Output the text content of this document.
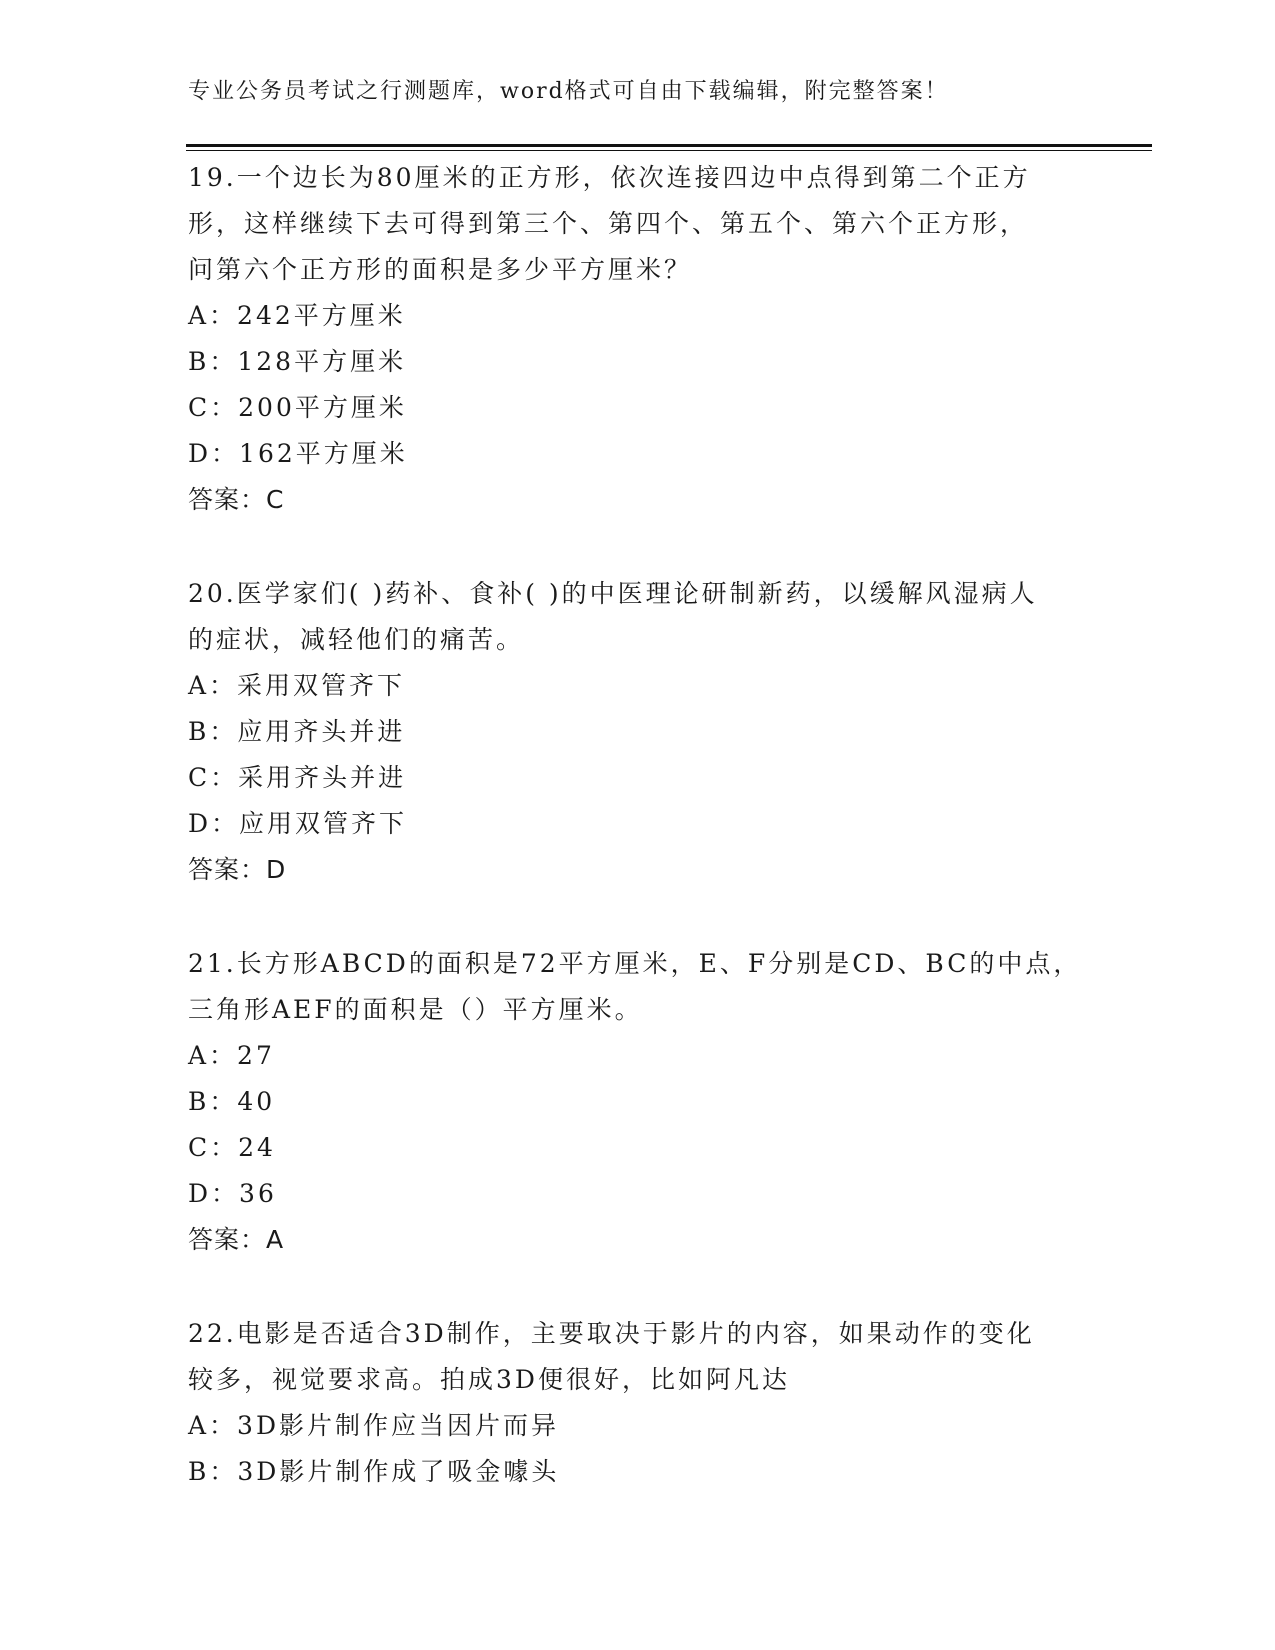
专业公务员考试之行测题库，word格式可自由下载编辑，附完整答案！
19.一个边长为80厘米的正方形，依次连接四边中点得到第二个正方
形，这样继续下去可得到第三个、第四个、第五个、第六个正方形，
问第六个正方形的面积是多少平方厘米？
A：242平方厘米
B：128平方厘米
C：200平方厘米
D：162平方厘米
答案：C
20.医学家们( )药补、食补( )的中医理论研制新药，以缓解风湿病人
的症状，减轻他们的痛苦。
A：采用双管齐下
B：应用齐头并进
C：采用齐头并进
D：应用双管齐下
答案：D
21.长方形ABCD的面积是72平方厘米，E、F分别是CD、BC的中点，
三角形AEF的面积是（）平方厘米。
A：27
B：40
C：24
D：36
答案：A
22.电影是否适合3D制作，主要取决于影片的内容，如果动作的变化
较多，视觉要求高。拍成3D便很好，比如阿凡达
A：3D影片制作应当因片而异
B：3D影片制作成了吸金噱头
